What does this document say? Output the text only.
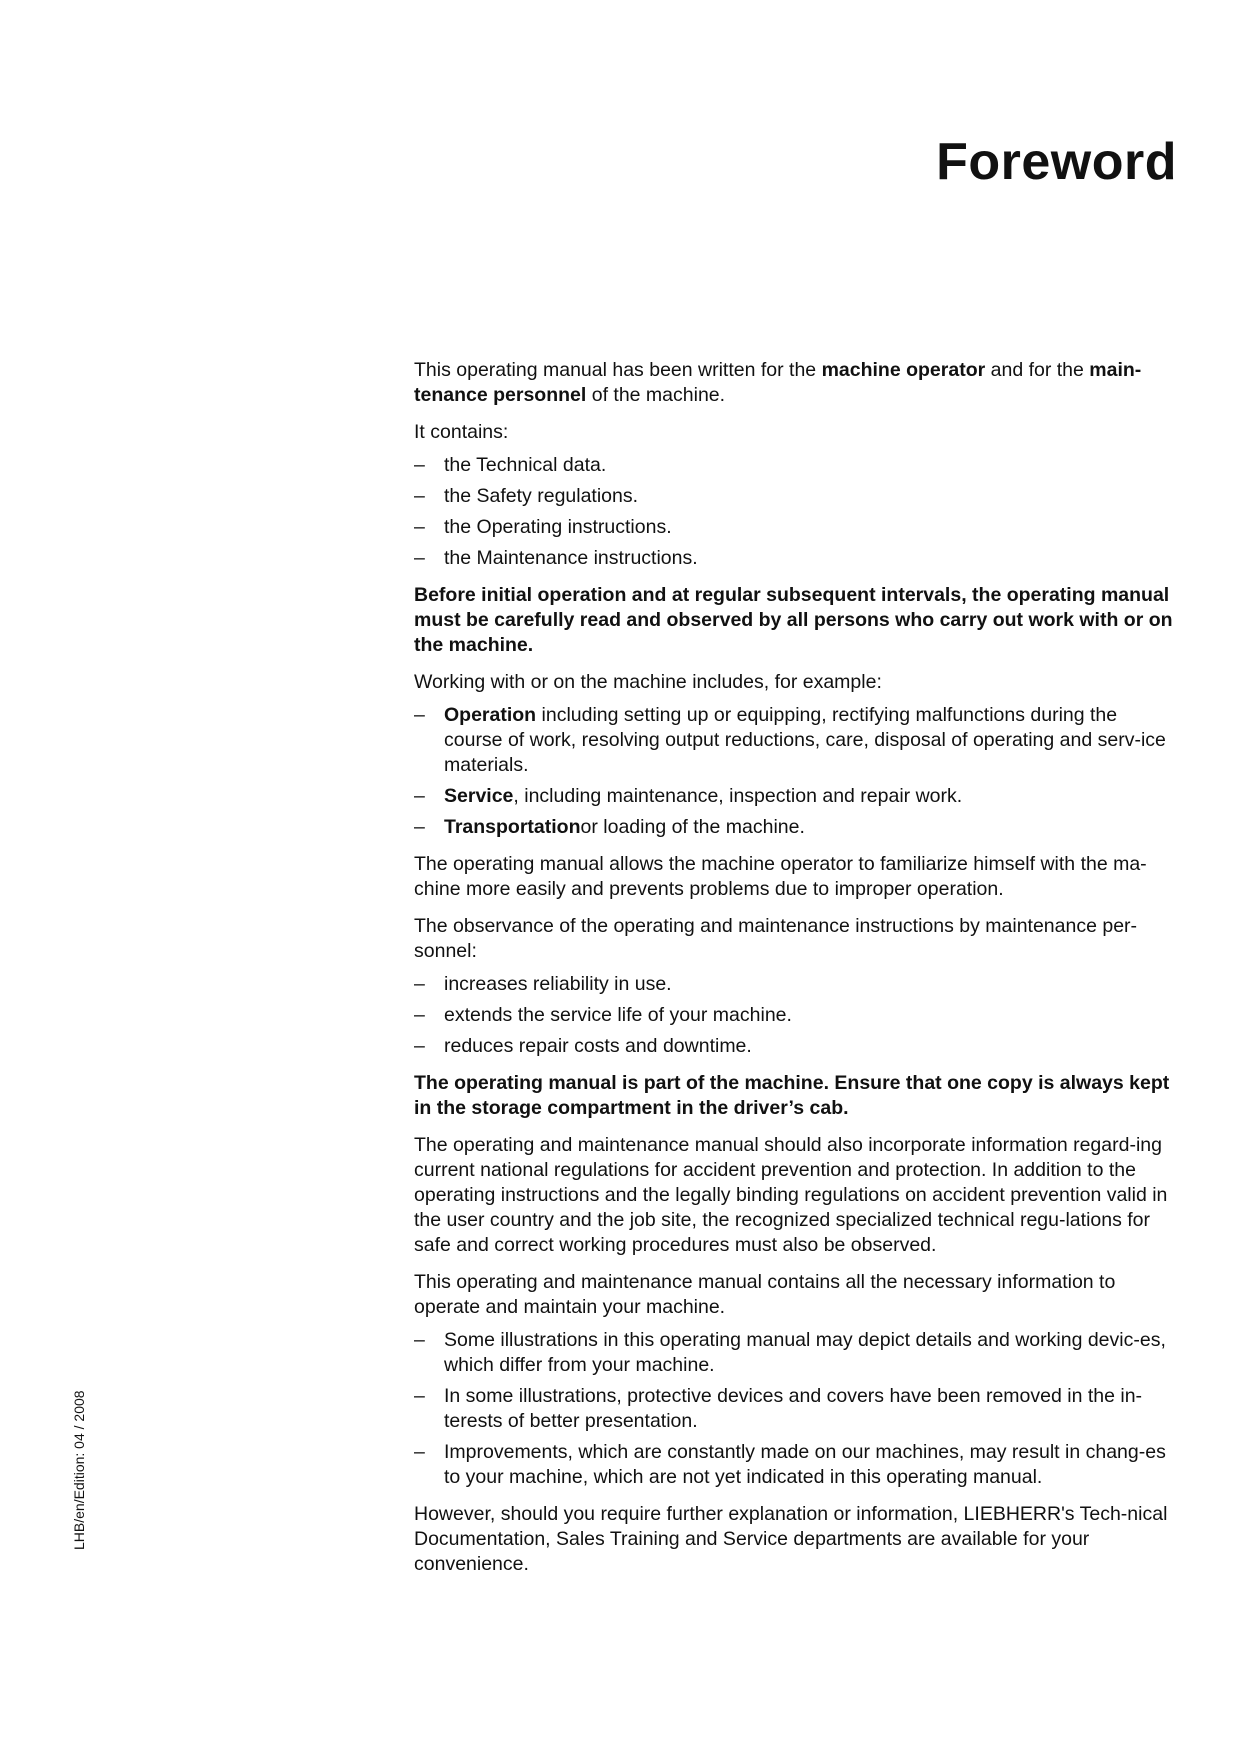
Foreword
LHB/en/Edition: 04 / 2008

This operating manual has been written for the machine operator and for the main-tenance personnel of the machine.

It contains:

– the Technical data.
– the Safety regulations.
– the Operating instructions.
– the Maintenance instructions.

Before initial operation and at regular subsequent intervals, the operating manual must be carefully read and observed by all persons who carry out work with or on the machine.

Working with or on the machine includes, for example:

– Operation including setting up or equipping, rectifying malfunctions during the course of work, resolving output reductions, care, disposal of operating and serv-ice materials.
– Service, including maintenance, inspection and repair work.
– Transportationor loading of the machine.

The operating manual allows the machine operator to familiarize himself with the ma-chine more easily and prevents problems due to improper operation.

The observance of the operating and maintenance instructions by maintenance per-sonnel:

– increases reliability in use.
– extends the service life of your machine.
– reduces repair costs and downtime.

The operating manual is part of the machine. Ensure that one copy is always kept in the storage compartment in the driver’s cab.

The operating and maintenance manual should also incorporate information regard-ing current national regulations for accident prevention and protection. In addition to the operating instructions and the legally binding regulations on accident prevention valid in the user country and the job site, the recognized specialized technical regu-lations for safe and correct working procedures must also be observed.

This operating and maintenance manual contains all the necessary information to operate and maintain your machine.

– Some illustrations in this operating manual may depict details and working devic-es, which differ from your machine.
– In some illustrations, protective devices and covers have been removed in the in-terests of better presentation.
– Improvements, which are constantly made on our machines, may result in chang-es to your machine, which are not yet indicated in this operating manual.

However, should you require further explanation or information, LIEBHERR's Tech-nical Documentation, Sales Training and Service departments are available for your convenience.
